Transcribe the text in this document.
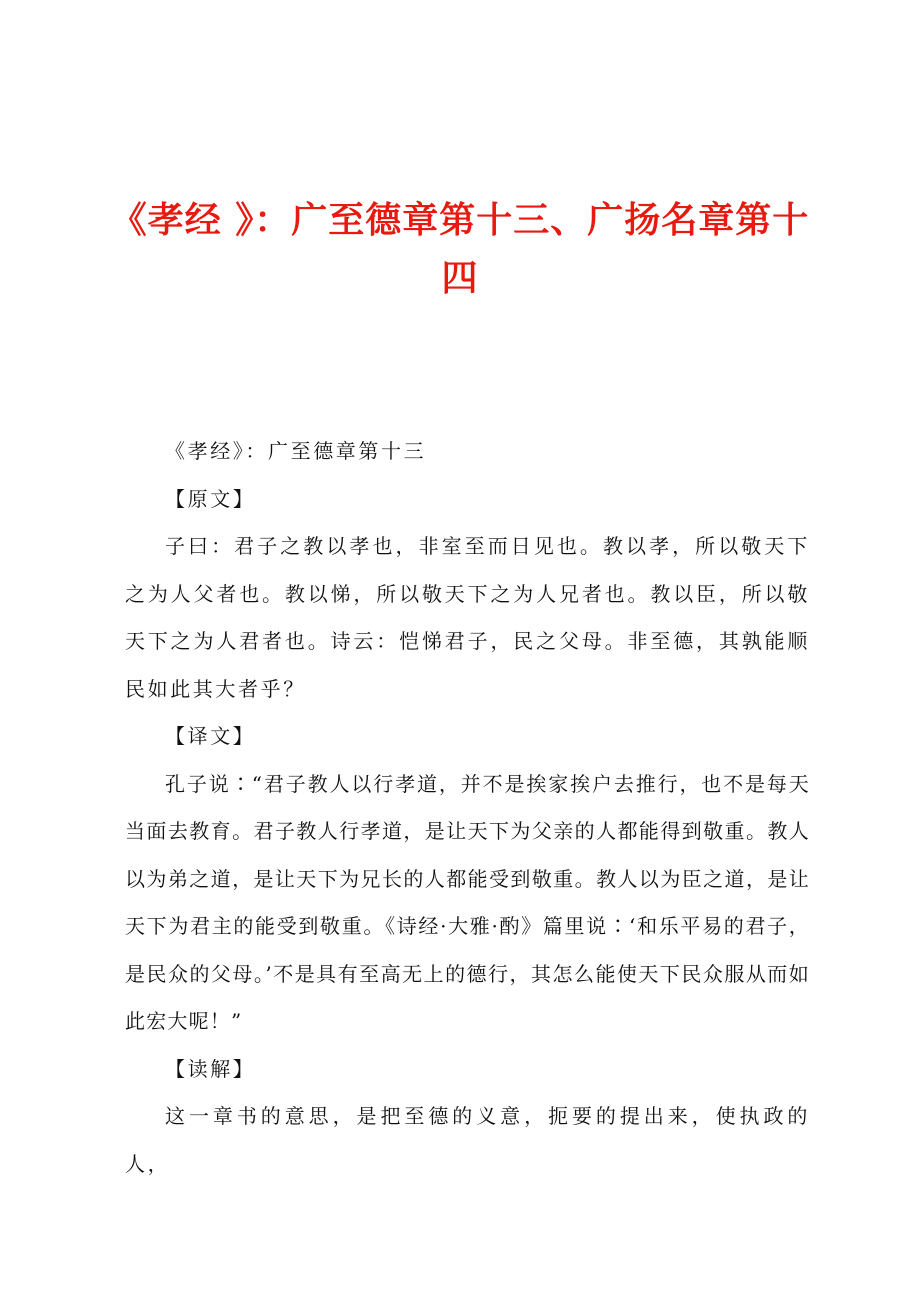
《孝经 》：广至德章第十三、广扬名章第十四

《孝经》：广至德章第十三

【原文】

子曰：君子之教以孝也，非室至而日见也。教以孝，所以敬天下之为人父者也。教以悌，所以敬天下之为人兄者也。教以臣，所以敬天下之为人君者也。诗云：恺悌君子，民之父母。非至德，其孰能顺民如此其大者乎？

【译文】

孔子说∶“君子教人以行孝道，并不是挨家挨户去推行，也不是每天当面去教育。君子教人行孝道，是让天下为父亲的人都能得到敬重。教人以为弟之道，是让天下为兄长的人都能受到敬重。教人以为臣之道，是让天下为君主的能受到敬重。《诗经·大雅·酌》篇里说∶‘和乐平易的君子，是民众的父母。’不是具有至高无上的德行，其怎么能使天下民众服从而如此宏大呢！”

【读解】

这一章书的意思，是把至德的义意，扼要的提出来，使执政的人，
